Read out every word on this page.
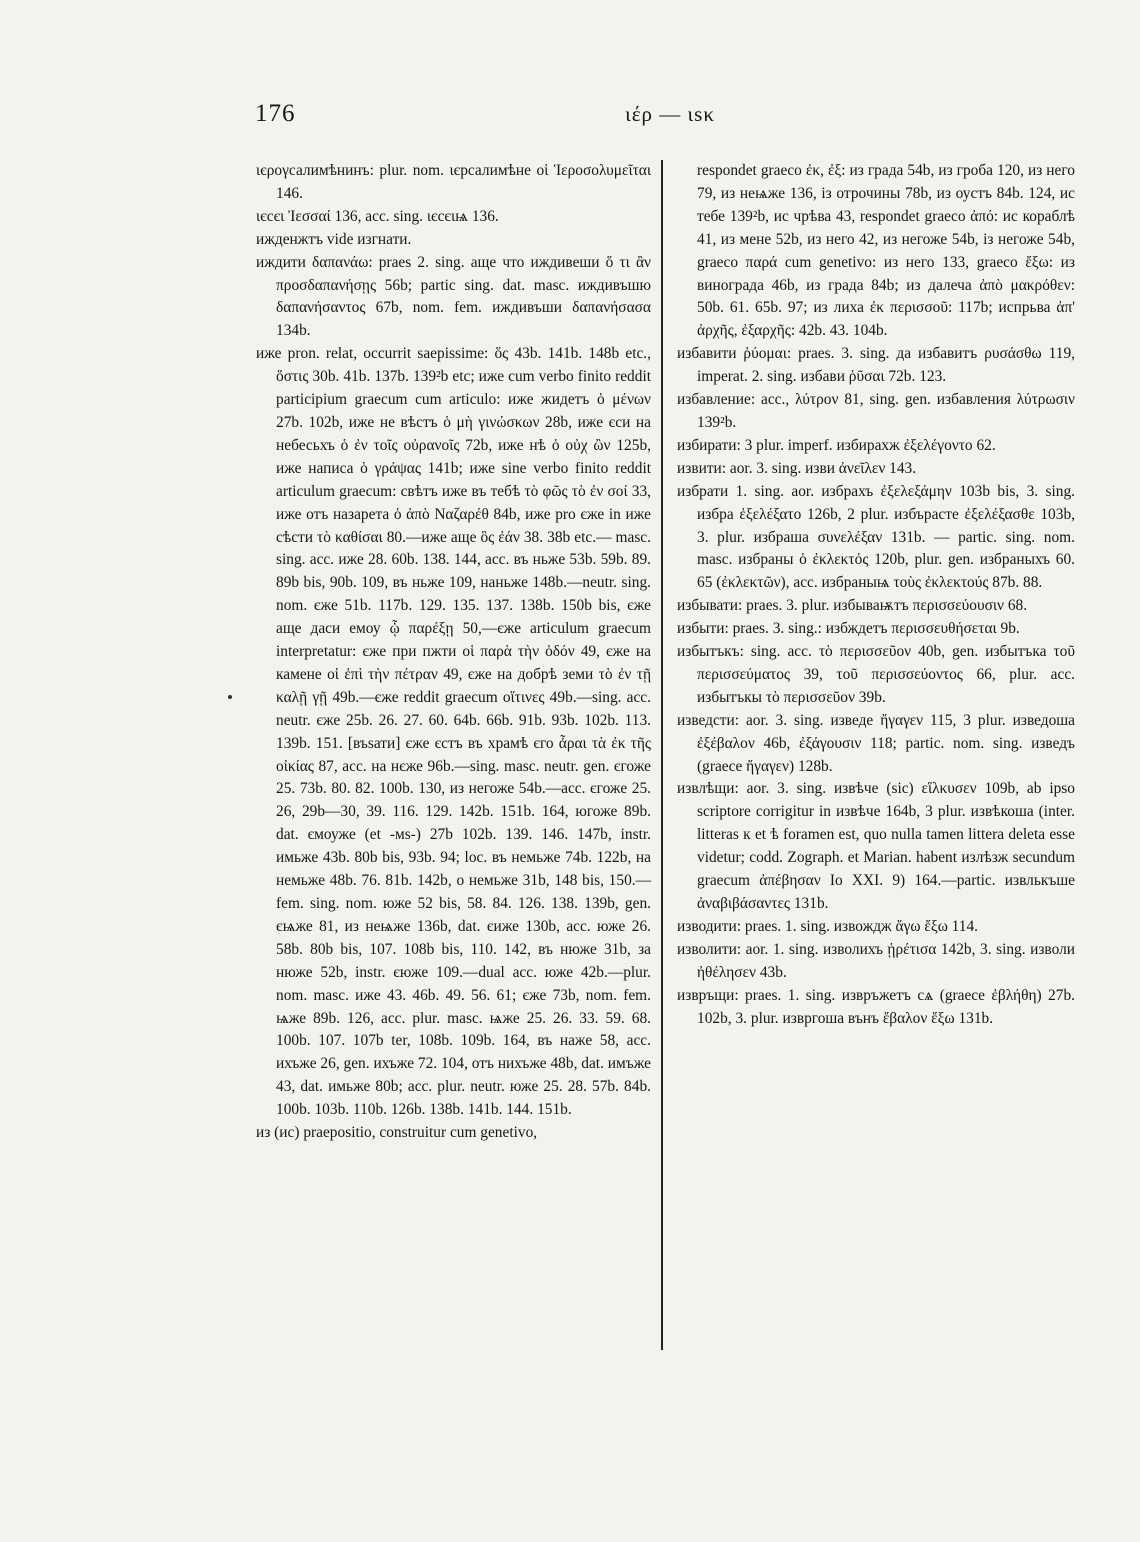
176	ιέρ — ιѕκ

ιєρογсалимѣнинъ: plur. nom. ιєрсалимѣне οἱ Ἱεροσολυμεῖται 146.

ιєсєι Ἰεσσαί 136, acc. sing. ιєсєιѩ 136.

ижденжтъ vide изгнати.

иждити δαπανάω: praes 2. sing. аще что иждивеши ὅ τι ἂν προσδαπανήσῃς 56b; partic sing. dat. masc. иждивъшю δαπανήσαντος 67b, nom. fem. иждивъши δαπανήσασα 134b.

иже pron. relat, occurrit saepissime: ὅς 43b. 141b. 148b etc., ὅστις 30b. 41b. 137b. 139²b etc; иже cum verbo finito reddit participium graecum cum articulo: иже жидетъ ὁ μένων 27b. 102b, иже не вѣстъ ὁ μὴ γινώσκων 28b, иже єси на небесьхъ ὁ ἐν τοῖς οὐρανοῖς 72b, иже нѣ ὁ οὐχ ὢν 125b, иже написа ὁ γράψας 141b; иже sine verbo finito reddit articulum graecum: свѣтъ иже въ тебѣ τὸ φῶς τὸ ἐν σοί 33, иже отъ назарета ὁ ἀπὸ Ναζαρέθ 84b, иже pro єже in иже сѣсти τὸ καθίσαι 80.—иже аще ὃς ἐάν 38. 38b etc.— masc. sing. acc. иже 28. 60b. 138. 144, acc. въ ньже 53b. 59b. 89. 89b bis, 90b. 109, въ ньже 109, наньже 148b.—neutr. sing. nom. єже 51b. 117b. 129. 135. 137. 138b. 150b bis, єже аще даси емоу ᾧ παρέξῃ 50,—єже articulum graecum interpretatur: єже при пжти οἱ παρὰ τὴν ὁδόν 49, єже на камене οἱ ἐπὶ τὴν πέτραν 49, єже на добрѣ земи τὸ ἐν τῇ καλῇ γῇ 49b.—єже reddit graecum οἵτινες 49b.—sing. acc. neutr. єже 25b. 26. 27. 60. 64b. 66b. 91b. 93b. 102b. 113. 139b. 151. [въѕати] єже єстъ въ храмѣ єго ἆραι τὰ ἐκ τῆς οἰκίας 87, acc. на нєже 96b.—sing. masc. neutr. gen. єгоже 25. 73b. 80. 82. 100b. 130, из негоже 54b.—acc. єгоже 25. 26, 29b—30, 39. 116. 129. 142b. 151b. 164, югоже 89b. dat. ємоуже (et -мѕ-) 27b 102b. 139. 146. 147b, instr. имьже 43b. 80b bis, 93b. 94; loc. въ немьже 74b. 122b, на немьже 48b. 76. 81b. 142b, о немьже 31b, 148 bis, 150.—fem. sing. nom. юже 52 bis, 58. 84. 126. 138. 139b, gen. єѩже 81, из неѩже 136b, dat. єиже 130b, acc. юже 26. 58b. 80b bis, 107. 108b bis, 110. 142, въ нюже 31b, за нюже 52b, instr. єюже 109.—dual acc. юже 42b.—plur. nom. masc. иже 43. 46b. 49. 56. 61; єже 73b, nom. fem. ѩже 89b. 126, acc. plur. masc. ѩже 25. 26. 33. 59. 68. 100b. 107. 107b ter, 108b. 109b. 164, въ наже 58, acc. ихъже 26, gen. ихъже 72. 104, отъ нихъже 48b, dat. имъже 43, dat. имьже 80b; acc. plur. neutr. юже 25. 28. 57b. 84b. 100b. 103b. 110b. 126b. 138b. 141b. 144. 151b.

из (ис) praepositio, construitur cum genetivo,

respondet graeco ἐκ, ἐξ: из града 54b, из гроба 120, из него 79, из неѩже 136, із отрочины 78b, из оустъ 84b. 124, ис тебе 139²b, ис чрѣва 43, respondet graeco ἀπό: ис кораблѣ 41, из мене 52b, из него 42, из негоже 54b, із негоже 54b, graeco παρά cum genetivo: из него 133, graeco ἔξω: из винограда 46b, из града 84b; из далеча ἀπὸ μακρόθεν: 50b. 61. 65b. 97; из лиха ἐκ περισσοῦ: 117b; испрьва ἀπ' ἀρχῆς, ἐξαρχῆς: 42b. 43. 104b.

избавити ῥύομαι: praes. 3. sing. да избавитъ ρυσάσθω 119, imperat. 2. sing. избави ῥῦσαι 72b. 123.

избавление: acc., λύτρον 81, sing. gen. избавления λύτρωσιν 139²b.

избирати: 3 plur. imperf. избирахж ἐξελέγοντο 62.

извити: aor. 3. sing. изви ἀνεῖλεν 143.

избрати 1. sing. aor. избрахъ ἐξελεξάμην 103b bis, 3. sing. избра ἐξελέξατο 126b, 2 plur. избърасте ἐξελέξασθε 103b, 3. plur. избраша συνελέξαν 131b. — partic. sing. nom. masc. избраны ὁ ἐκλεκτός 120b, plur. gen. избраныхъ 60. 65 (ἐκλεκτῶν), acc. избраныѩ τοὺς ἐκλεκτούς 87b. 88.

избывати: praes. 3. plur. избываѭтъ περισσεύουσιν 68.

избыти: praes. 3. sing.: избждетъ περισσευθήσεται 9b.

избытъкъ: sing. acc. τὸ περισσεῦον 40b, gen. избытъка τοῦ περισσεύματος 39, τοῦ περισσεύοντος 66, plur. acc. избытъкы τὸ περισσεῦον 39b.

изведсти: aor. 3. sing. изведе ἤγαγεν 115, 3 plur. изведоша ἐξέβαλον 46b, ἐξάγουσιν 118; partic. nom. sing. изведъ (graece ἤγαγεν) 128b.

извлѣщи: aor. 3. sing. извѣче (sic) εἵλκυσεν 109b, ab ipso scriptore corrigitur in извѣче 164b, 3 plur. извѣкоша (inter. litteras к et ѣ foramen est, quo nulla tamen littera deleta esse videtur; codd. Zograph. et Marian. habent излѣзж secundum graecum ἀπέβησαν Io XXI. 9) 164.—partic. извлькъше ἀναβιβάσαντες 131b.

изводити: praes. 1. sing. извождж ἄγω ἔξω 114.

изволити: aor. 1. sing. изволихъ ᾑρέτισα 142b, 3. sing. изволи ἠθέλησεν 43b.

извръщи: praes. 1. sing. извръжетъ сѧ (graece ἐβλήθη) 27b. 102b, 3. plur. извргоша вънъ ἔβαλον ἔξω 131b.
